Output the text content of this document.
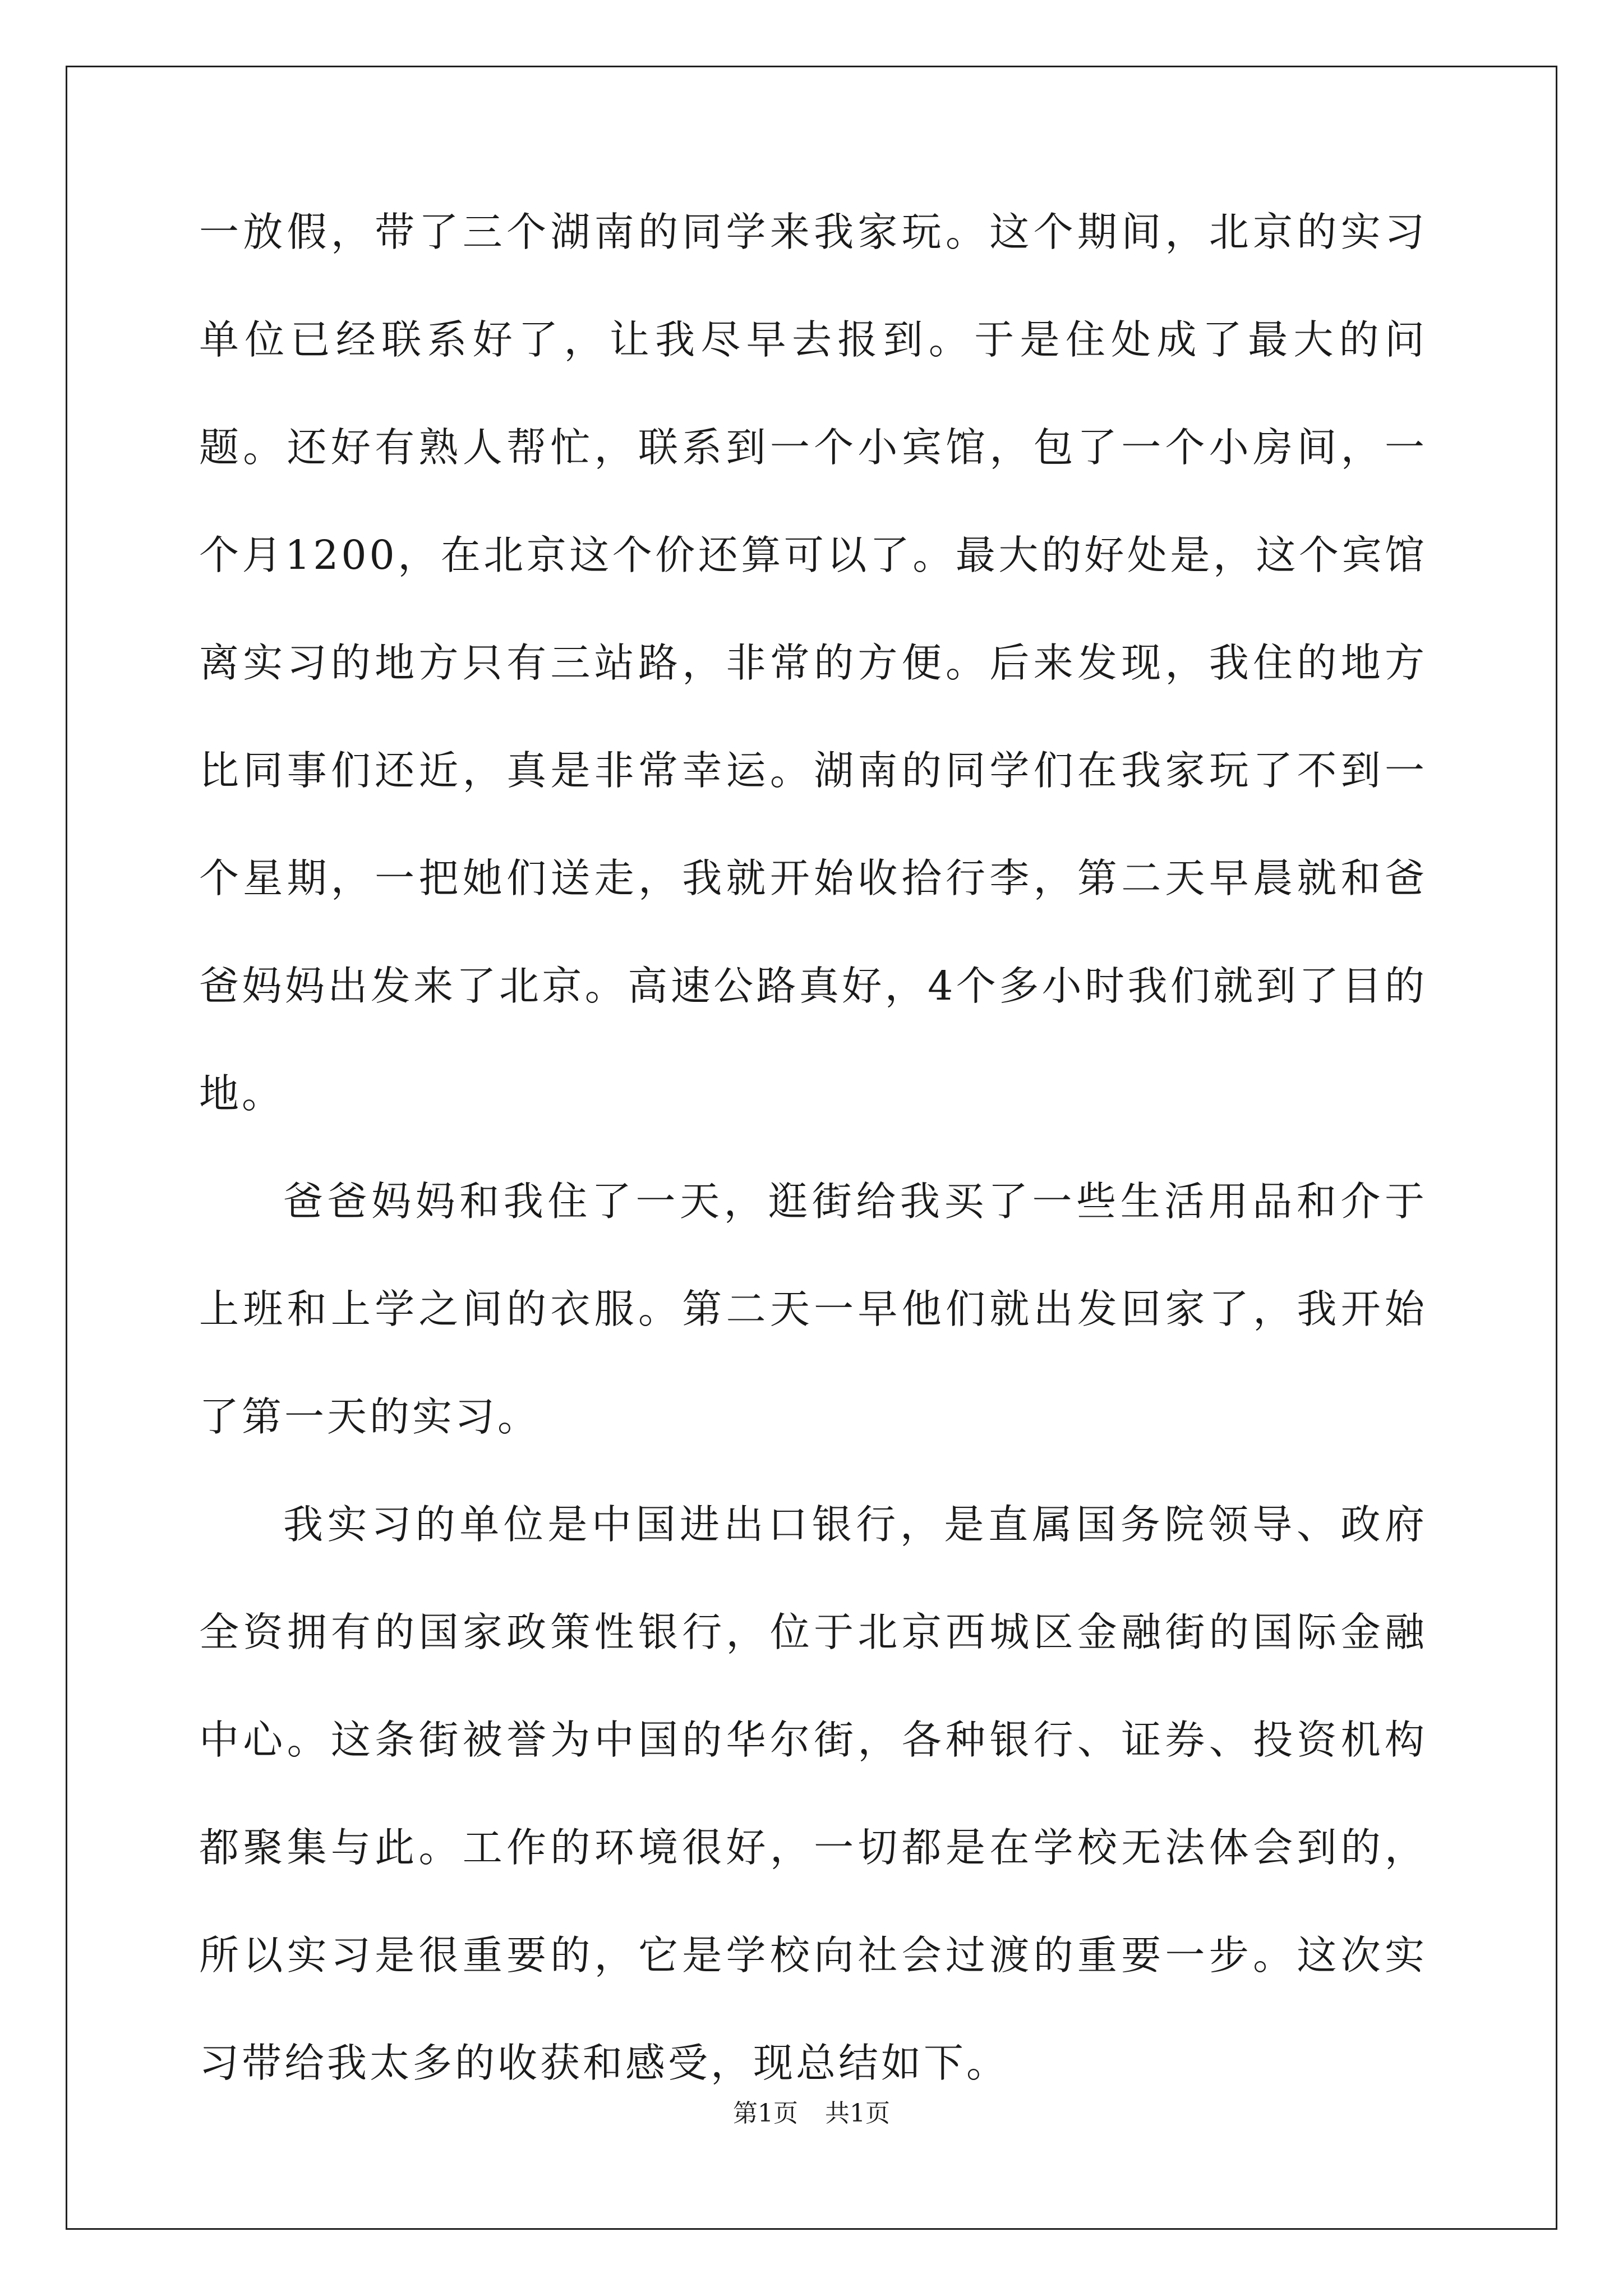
一放假，带了三个湖南的同学来我家玩。这个期间，北京的实习单位已经联系好了，让我尽早去报到。于是住处成了最大的问题。还好有熟人帮忙，联系到一个小宾馆，包了一个小房间，一个月1200，在北京这个价还算可以了。最大的好处是，这个宾馆离实习的地方只有三站路，非常的方便。后来发现，我住的地方比同事们还近，真是非常幸运。湖南的同学们在我家玩了不到一个星期，一把她们送走，我就开始收拾行李，第二天早晨就和爸爸妈妈出发来了北京。高速公路真好，4个多小时我们就到了目的地。

爸爸妈妈和我住了一天，逛街给我买了一些生活用品和介于上班和上学之间的衣服。第二天一早他们就出发回家了，我开始了第一天的实习。

我实习的单位是中国进出口银行，是直属国务院领导、政府全资拥有的国家政策性银行，位于北京西城区金融街的国际金融中心。这条街被誉为中国的华尔街，各种银行、证券、投资机构都聚集与此。工作的环境很好，一切都是在学校无法体会到的，所以实习是很重要的，它是学校向社会过渡的重要一步。这次实习带给我太多的收获和感受，现总结如下。

第1页 共1页
